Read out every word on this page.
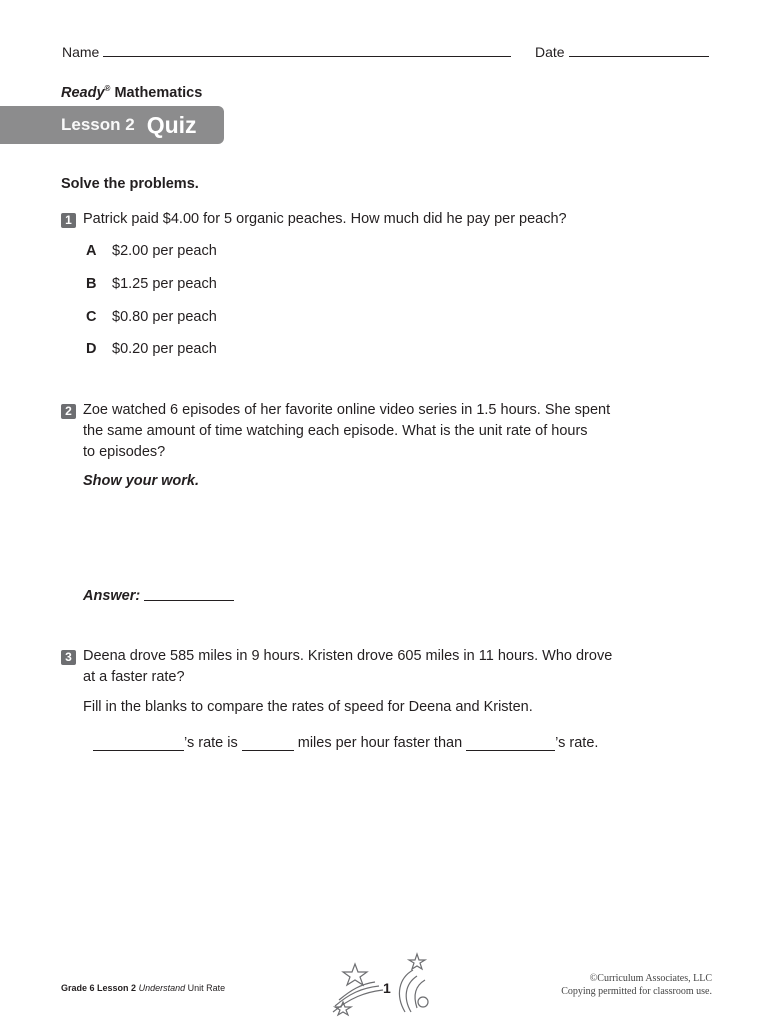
Name	Date
Ready® Mathematics
Lesson 2 Quiz
Solve the problems.
1 Patrick paid $4.00 for 5 organic peaches. How much did he pay per peach?
A $2.00 per peach
B $1.25 per peach
C $0.80 per peach
D $0.20 per peach
2 Zoe watched 6 episodes of her favorite online video series in 1.5 hours. She spent
the same amount of time watching each episode. What is the unit rate of hours
to episodes?
Show your work.
Answer:
3 Deena drove 585 miles in 9 hours. Kristen drove 605 miles in 11 hours. Who drove
at a faster rate?
Fill in the blanks to compare the rates of speed for Deena and Kristen.
’s rate is	miles per hour faster than	’s rate.
Grade 6 Lesson 2 Understand Unit Rate	1
©Curriculum Associates, LLC
Copying permitted for classroom use.
